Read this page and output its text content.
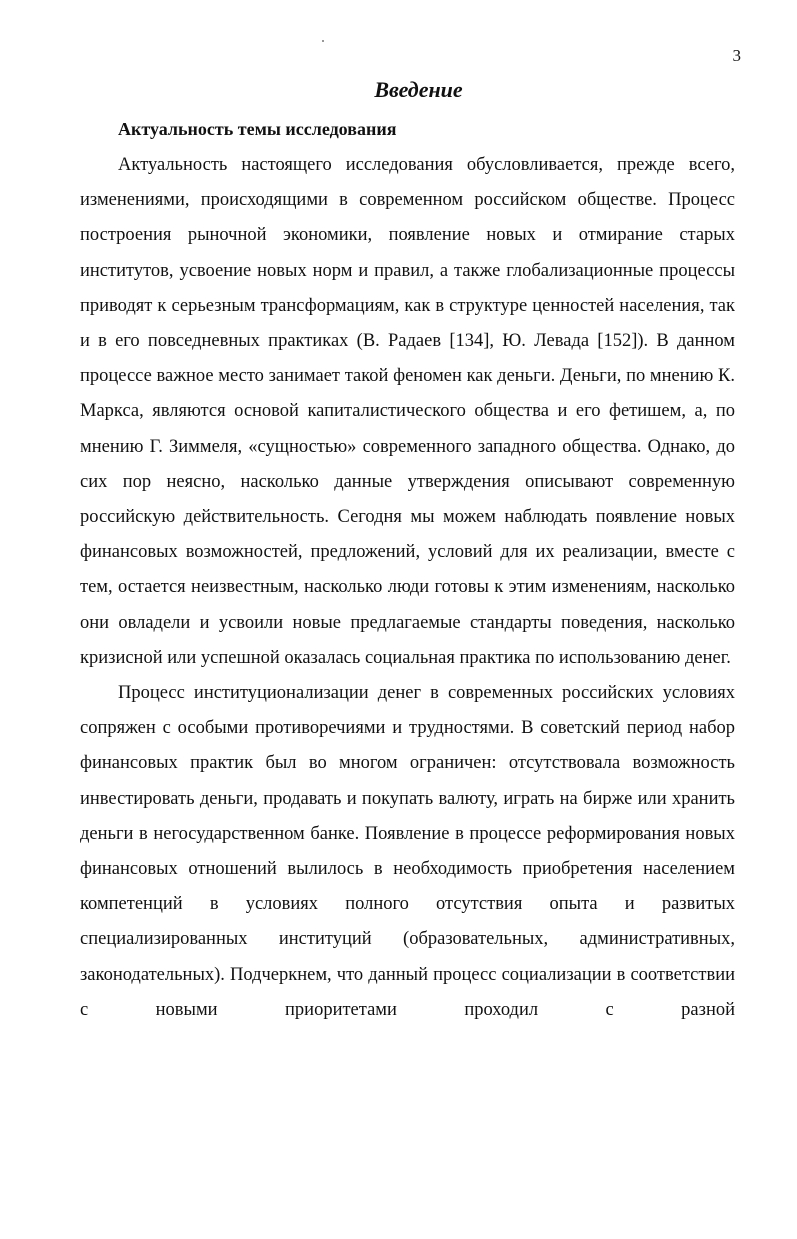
3
Введение
Актуальность темы исследования

Актуальность настоящего исследования обусловливается, прежде всего, изменениями, происходящими в современном российском обществе. Процесс построения рыночной экономики, появление новых и отмирание старых институтов, усвоение новых норм и правил, а также глобализационные процессы приводят к серьезным трансформациям, как в структуре ценностей населения, так и в его повседневных практиках (В. Радаев [134], Ю. Левада [152]). В данном процессе важное место занимает такой феномен как деньги. Деньги, по мнению К. Маркса, являются основой капиталистического общества и его фетишем, а, по мнению Г. Зиммеля, «сущностью» современного западного общества. Однако, до сих пор неясно, насколько данные утверждения описывают современную российскую действительность. Сегодня мы можем наблюдать появление новых финансовых возможностей, предложений, условий для их реализации, вместе с тем, остается неизвестным, насколько люди готовы к этим изменениям, насколько они овладели и усвоили новые предлагаемые стандарты поведения, насколько кризисной или успешной оказалась социальная практика по использованию денег.

Процесс институционализации денег в современных российских условиях сопряжен с особыми противоречиями и трудностями. В советский период набор финансовых практик был во многом ограничен: отсутствовала возможность инвестировать деньги, продавать и покупать валюту, играть на бирже или хранить деньги в негосударственном банке. Появление в процессе реформирования новых финансовых отношений вылилось в необходимость приобретения населением компетенций в условиях полного отсутствия опыта и развитых специализированных институций (образовательных, административных, законодательных). Подчеркнем, что данный процесс социализации в соответствии с новыми приоритетами проходил с разной
